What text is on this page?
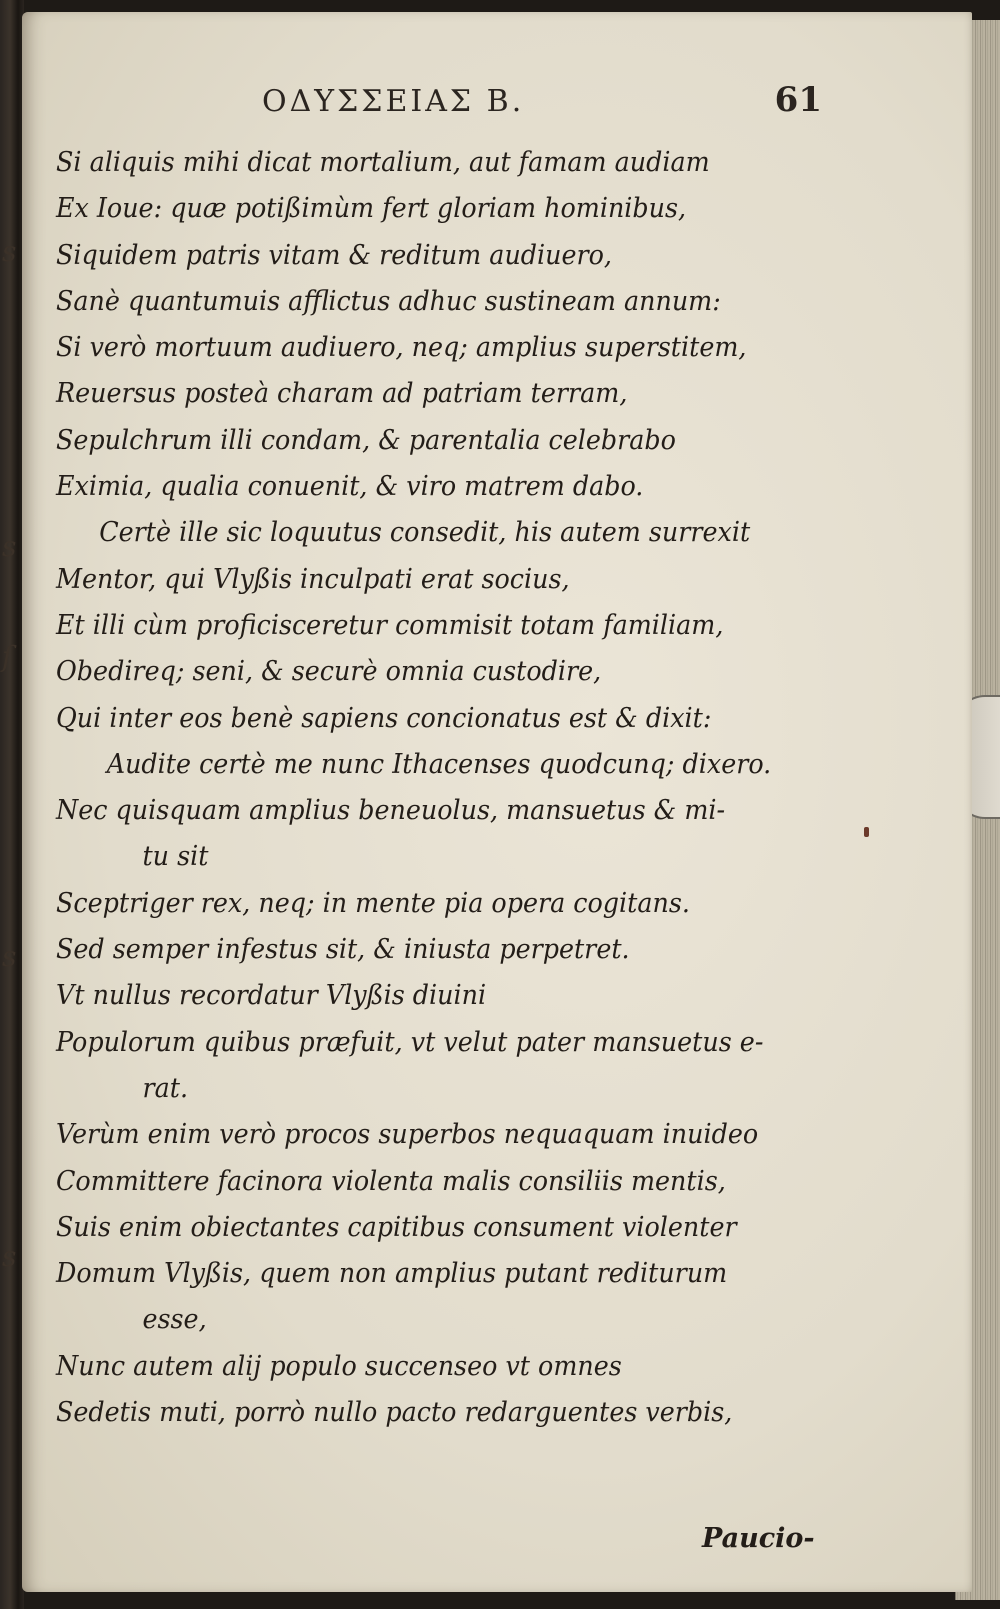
s
s
ſ
s
s
ΟΔΥΣΣΕΙΑΣ Β.	61
Si aliquis mihi dicat mortalium, aut famam audiam
Ex Ioue: quæ potißimùm fert gloriam hominibus,
Siquidem patris vitam & reditum audiuero,
Sanè quantumuis afflictus adhuc sustineam annum:
Si verò mortuum audiuero, neq; amplius superstitem,
Reuersus posteà charam ad patriam terram,
Sepulchrum illi condam, & parentalia celebrabo
Eximia, qualia conuenit, & viro matrem dabo.
Certè ille sic loquutus consedit, his autem surrexit
Mentor, qui Vlyßis inculpati erat socius,
Et illi cùm proficisceretur commisit totam familiam,
Obedireq; seni, & securè omnia custodire,
Qui inter eos benè sapiens concionatus est & dixit:
Audite certè me nunc Ithacenses quodcunq; dixero.
Nec quisquam amplius beneuolus, mansuetus & mi-
tu sit
Sceptriger rex, neq; in mente pia opera cogitans.
Sed semper infestus sit, & iniusta perpetret.
Vt nullus recordatur Vlyßis diuini
Populorum quibus præfuit, vt velut pater mansuetus e-
rat.
Verùm enim verò procos superbos nequaquam inuideo
Committere facinora violenta malis consiliis mentis,
Suis enim obiectantes capitibus consument violenter
Domum Vlyßis, quem non amplius putant rediturum
esse,
Nunc autem alij populo succenseo vt omnes
Sedetis muti, porrò nullo pacto redarguentes verbis,
Paucio-
